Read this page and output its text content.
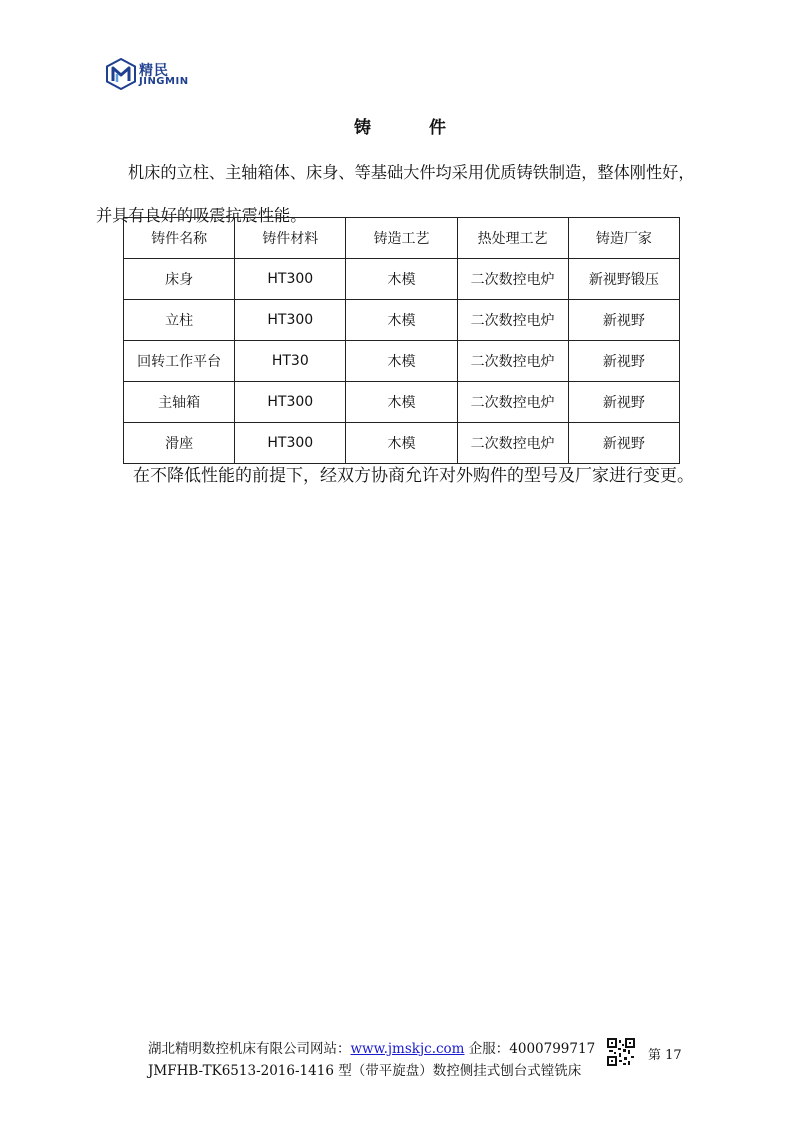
精民
JINGMIN
铸 件
机床的立柱、主轴箱体、床身、等基础大件均采用优质铸铁制造，整体刚性好，并具有良好的吸震抗震性能。
铸件名称	铸件材料	铸造工艺	热处理工艺	铸造厂家
床身	HT300	木模	二次数控电炉	新视野锻压
立柱	HT300	木模	二次数控电炉	新视野
回转工作平台	HT30	木模	二次数控电炉	新视野
主轴箱	HT300	木模	二次数控电炉	新视野
滑座	HT300	木模	二次数控电炉	新视野
在不降低性能的前提下，经双方协商允许对外购件的型号及厂家进行变更。
湖北精明数控机床有限公司网站：www.jmskjc.com 企服：4000799717
JMFHB-TK6513-2016-1416 型（带平旋盘）数控侧挂式刨台式镗铣床
第 17
